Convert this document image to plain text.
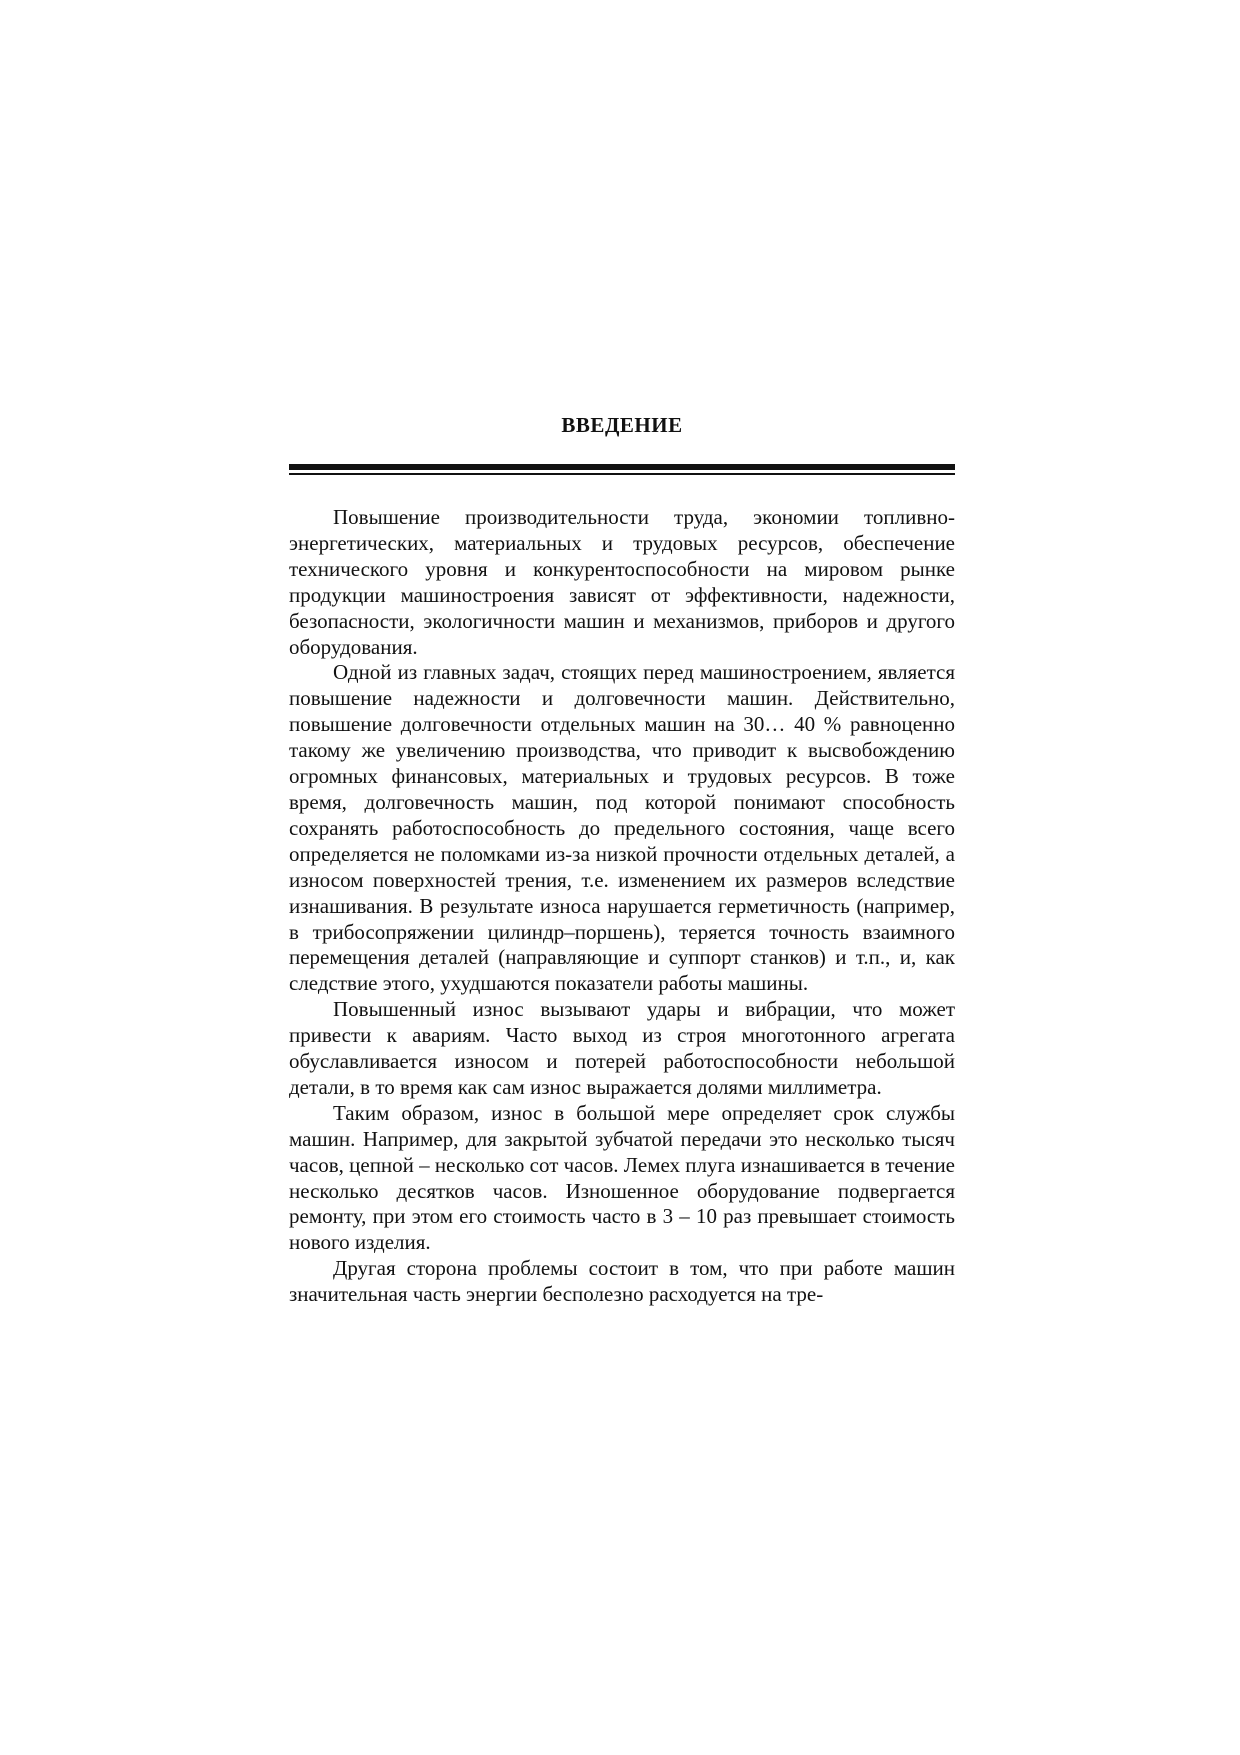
ВВЕДЕНИЕ

Повышение производительности труда, экономии топливно-энергетических, материальных и трудовых ресурсов, обеспечение технического уровня и конкурентоспособности на мировом рынке продукции машиностроения зависят от эффективности, надежности, безопасности, экологичности машин и механизмов, приборов и другого оборудования.

Одной из главных задач, стоящих перед машиностроением, является повышение надежности и долговечности машин. Действительно, повышение долговечности отдельных машин на 30… 40 % равноценно такому же увеличению производства, что приводит к высвобождению огромных финансовых, материальных и трудовых ресурсов. В тоже время, долговечность машин, под которой понимают способность сохранять работоспособность до предельного состояния, чаще всего определяется не поломками из-за низкой прочности отдельных деталей, а износом поверхностей трения, т.е. изменением их размеров вследствие изнашивания. В результате износа нарушается герметичность (например, в трибосопряжении цилиндр–поршень), теряется точность взаимного перемещения деталей (направляющие и суппорт станков) и т.п., и, как следствие этого, ухудшаются показатели работы машины.

Повышенный износ вызывают удары и вибрации, что может привести к авариям. Часто выход из строя многотонного агрегата обуславливается износом и потерей работоспособности небольшой детали, в то время как сам износ выражается долями миллиметра.

Таким образом, износ в большой мере определяет срок службы машин. Например, для закрытой зубчатой передачи это несколько тысяч часов, цепной – несколько сот часов. Лемех плуга изнашивается в течение несколько десятков часов. Изношенное оборудование подвергается ремонту, при этом его стоимость часто в 3 – 10 раз превышает стоимость нового изделия.

Другая сторона проблемы состоит в том, что при работе машин значительная часть энергии бесполезно расходуется на тре-
